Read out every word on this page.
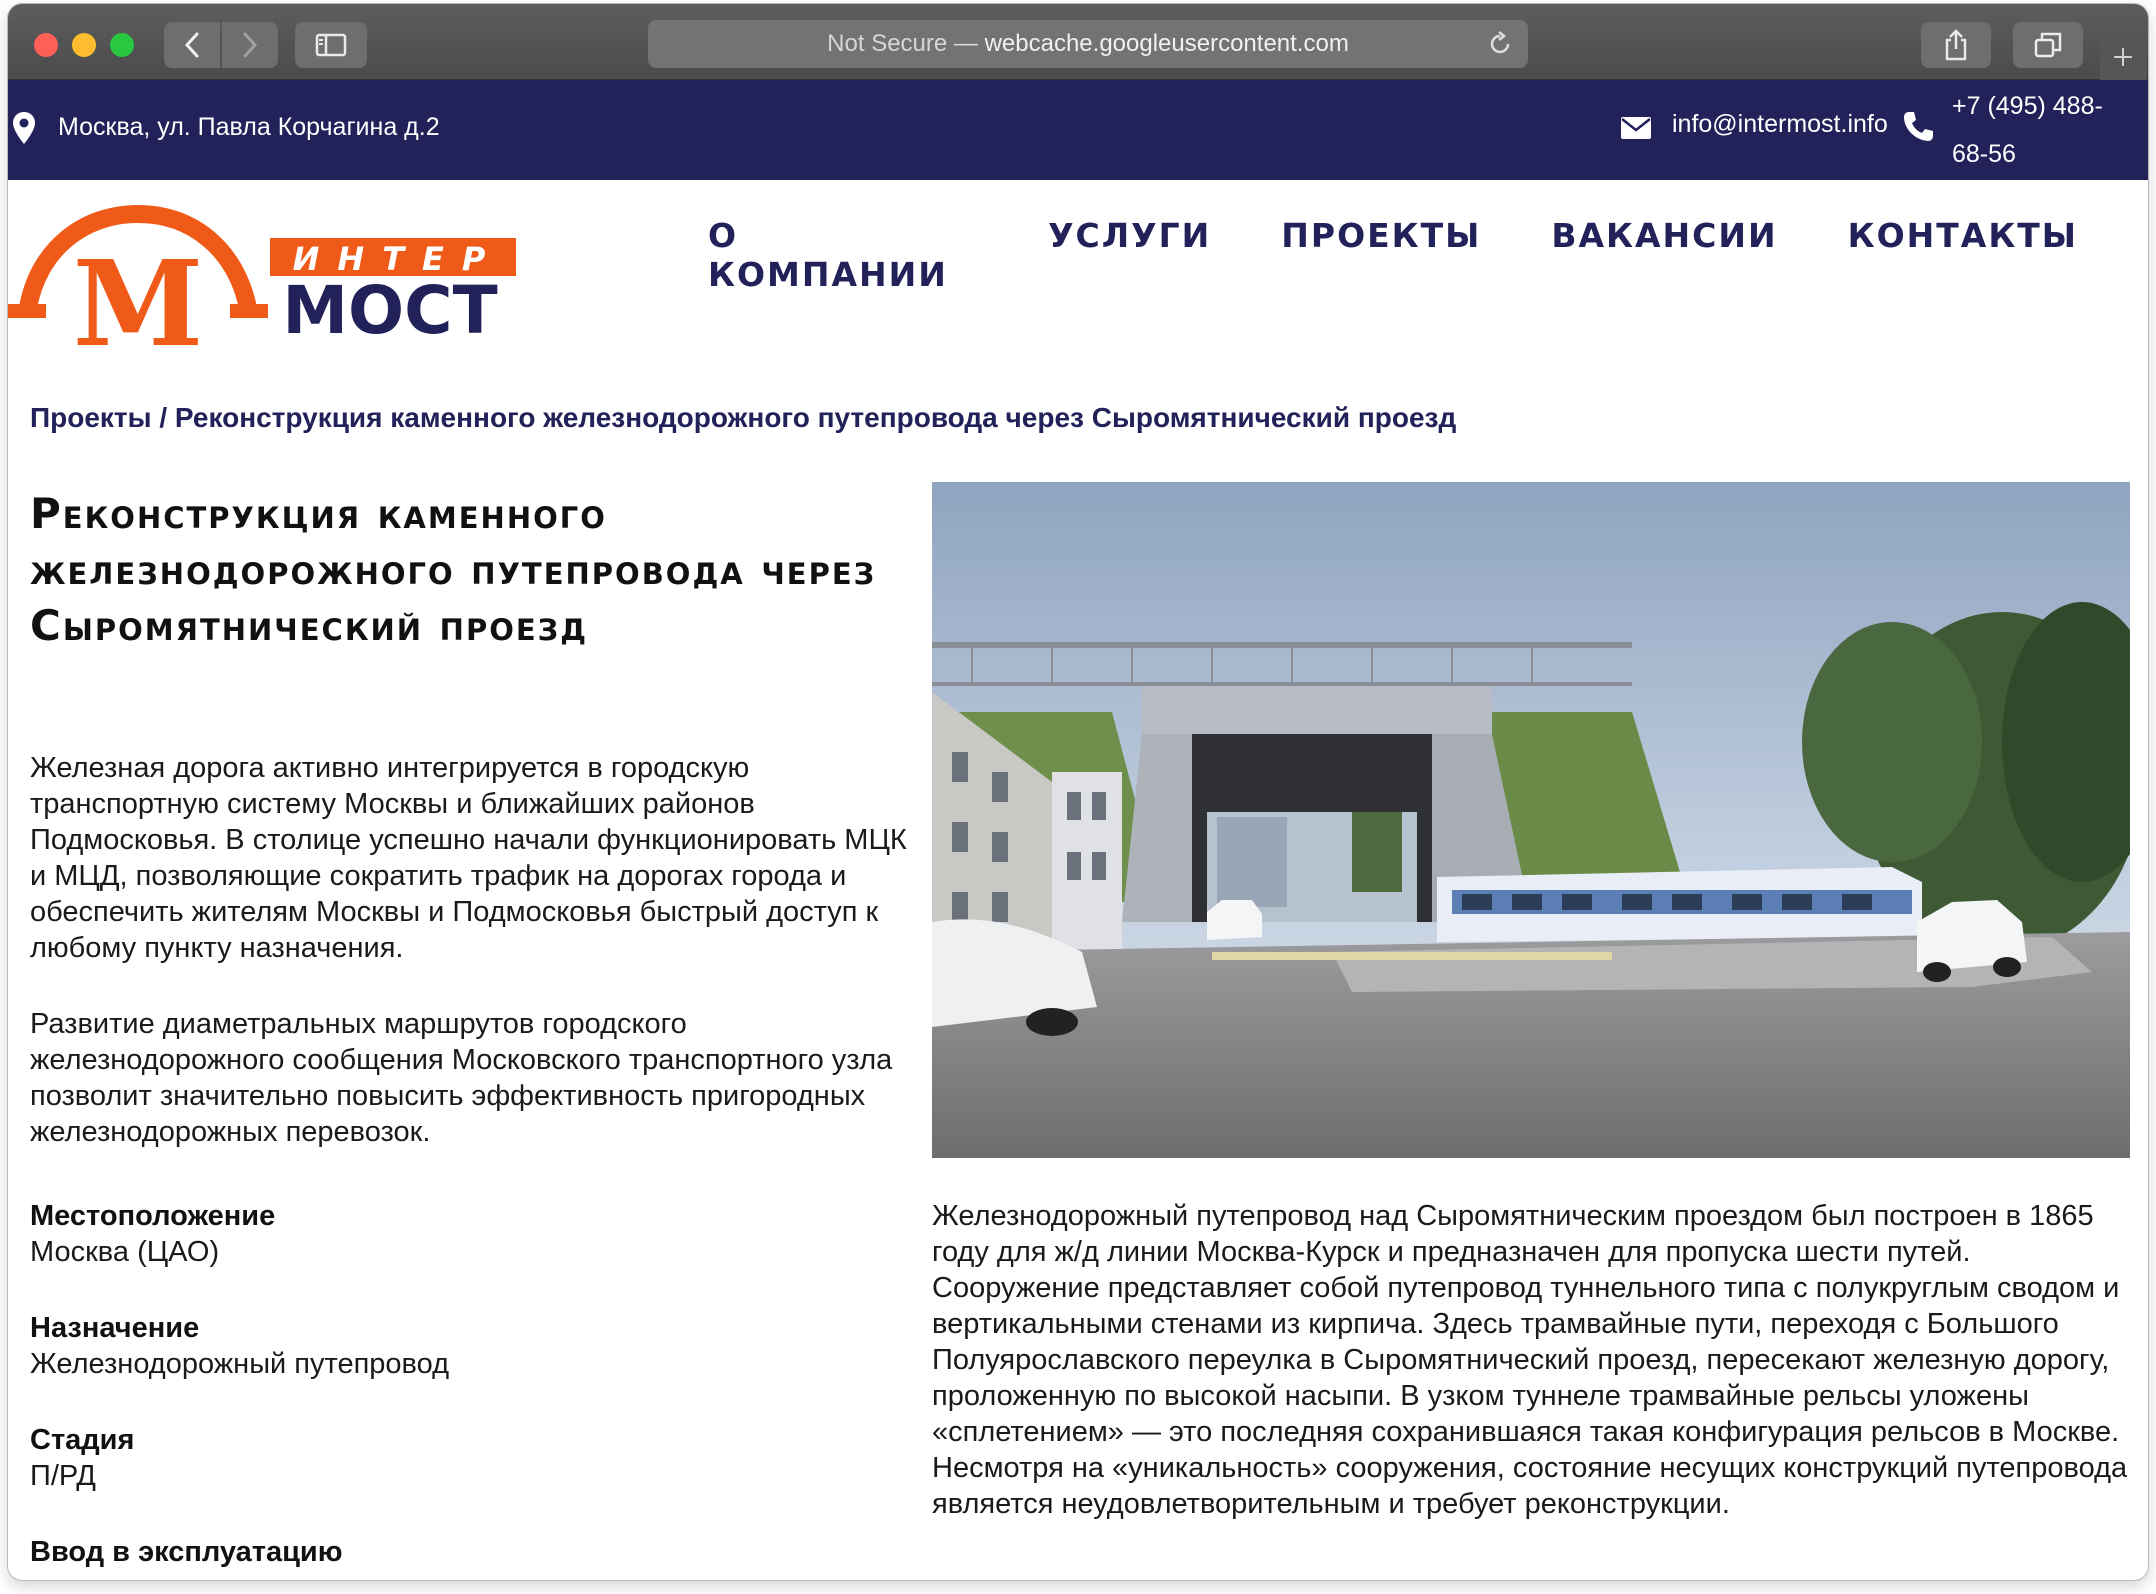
Not Secure —
webcache.googleusercontent.com
Москва, ул. Павла Корчагина д.2	info@intermost.info
+7 (495) 488-68-56
M	ИНТЕР
МОСТ
О КОМПАНИИ
УСЛУГИ ПРОЕКТЫ ВАКАНСИИ КОНТАКТЫ
Проекты / Реконструкция каменного железнодорожного путепровода через Сыромятнический проезд
Реконструкция каменного железнодорожного путепровода через Сыромятнический проезд

Железная дорога активно интегрируется в городскую транспортную систему Москвы и ближайших районов Подмосковья. В столице успешно начали функционировать МЦК и МЦД, позволяющие сократить трафик на дорогах города и обеспечить жителям Москвы и Подмосковья быстрый доступ к любому пункту назначения.

Развитие диаметральных маршрутов городского железнодорожного сообщения Московского транспортного узла позволит значительно повысить эффективность пригородных железнодорожных перевозок.

Местоположение
Москва (ЦАО)
Назначение
Железнодорожный путепровод
Стадия
П/РД
Ввод в эксплуатацию

Железнодорожный путепровод над Сыромятническим проездом был построен в 1865 году для ж/д линии Москва-Курск и предназначен для пропуска шести путей. Сооружение представляет собой путепровод туннельного типа с полукруглым сводом и вертикальными стенами из кирпича. Здесь трамвайные пути, переходя с Большого Полуярославского переулка в Сыромятнический проезд, пересекают железную дорогу, проложенную по высокой насыпи. В узком туннеле трамвайные рельсы уложены «сплетением» — это последняя сохранившаяся такая конфигурация рельсов в Москве. Несмотря на «уникальность» сооружения, состояние несущих конструкций путепровода является неудовлетворительным и требует реконструкции.
